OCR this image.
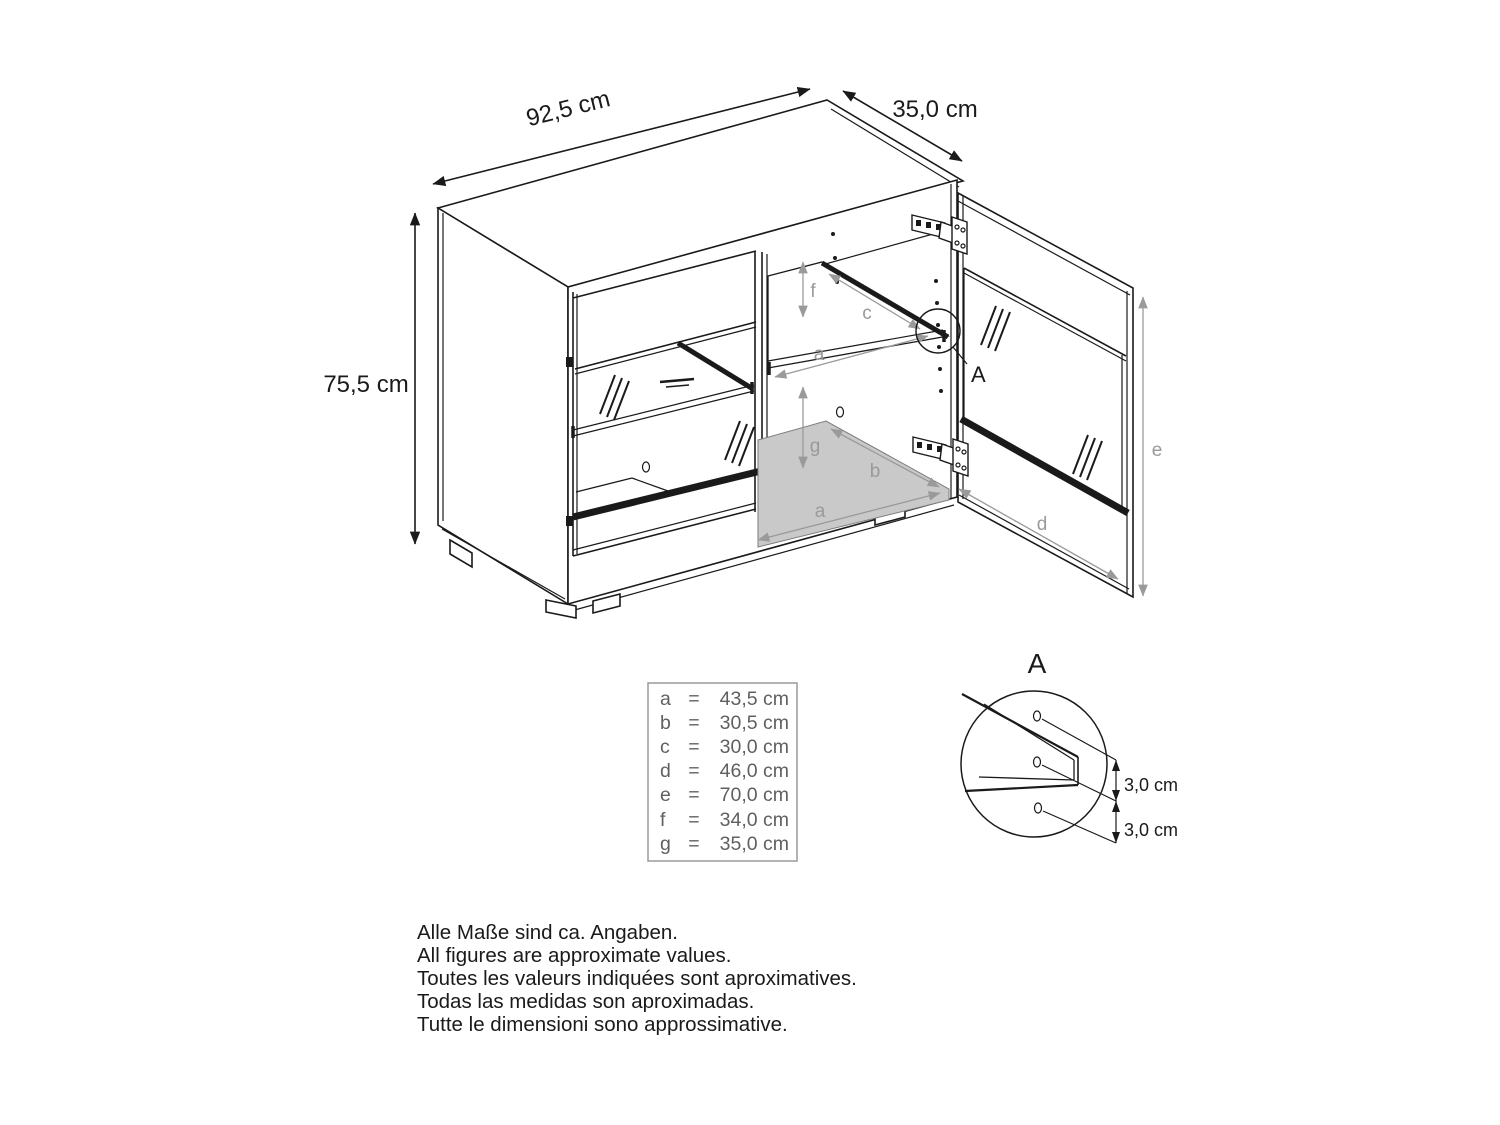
f
c
a
g
b
a
d
e
A
92,5 cm	35,0 cm
75,5 cm
a = 43,5 cm
b = 30,5 cm
c = 30,0 cm
d = 46,0 cm
e = 70,0 cm
f = 34,0 cm
g = 35,0 cm
A
3,0 cm
3,0 cm
Alle Maße sind ca. Angaben.
All figures are approximate values.
Toutes les valeurs indiquées sont aproximatives.
Todas las medidas son aproximadas.
Tutte le dimensioni sono approssimative.
